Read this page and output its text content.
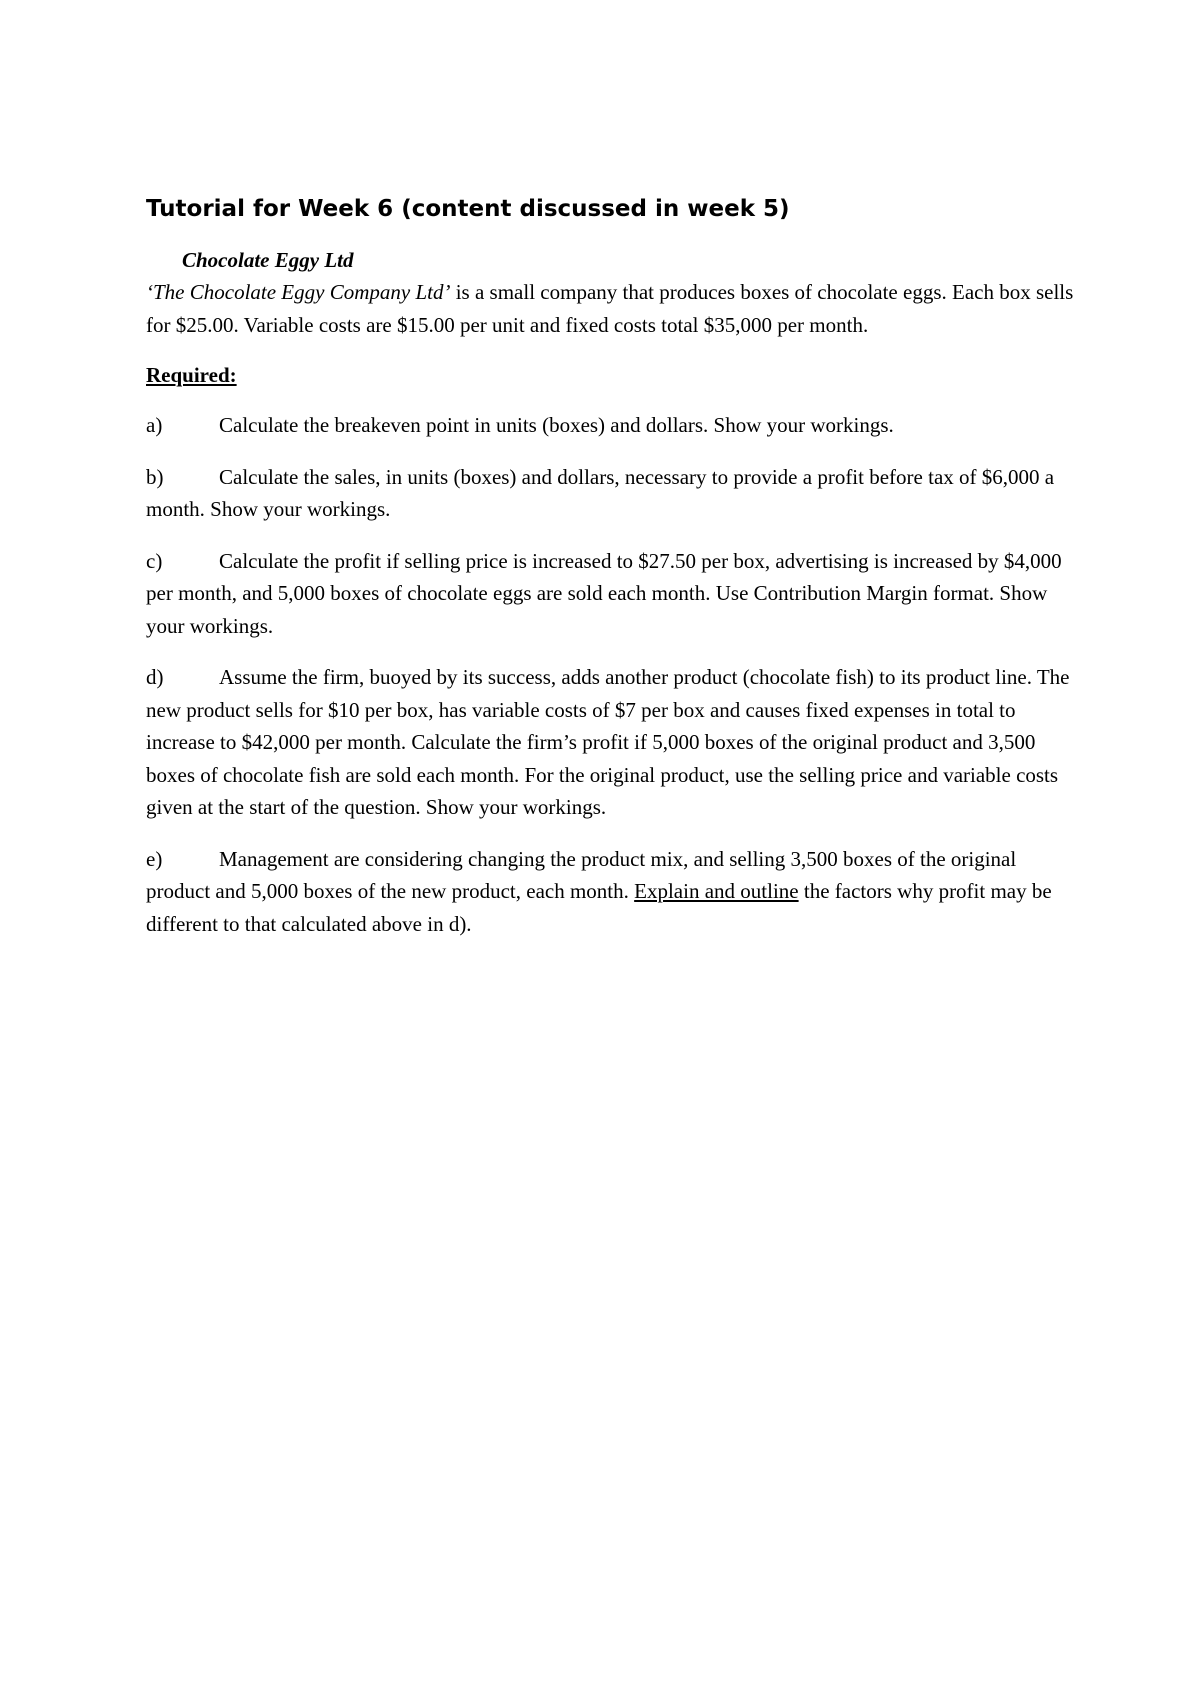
Tutorial for Week 6 (content discussed in week 5)
Chocolate Eggy Ltd

‘The Chocolate Eggy Company Ltd’ is a small company that produces boxes of chocolate eggs. Each box sells for $25.00. Variable costs are $15.00 per unit and fixed costs total $35,000 per month.

Required:

a)	Calculate the breakeven point in units (boxes) and dollars. Show your workings.

b)	Calculate the sales, in units (boxes) and dollars, necessary to provide a profit before tax of $6,000 a month. Show your workings.

c)	Calculate the profit if selling price is increased to $27.50 per box, advertising is increased by $4,000 per month, and 5,000 boxes of chocolate eggs are sold each month. Use Contribution Margin format. Show your workings.

d)	Assume the firm, buoyed by its success, adds another product (chocolate fish) to its product line. The new product sells for $10 per box, has variable costs of $7 per box and causes fixed expenses in total to increase to $42,000 per month. Calculate the firm’s profit if 5,000 boxes of the original product and 3,500 boxes of chocolate fish are sold each month. For the original product, use the selling price and variable costs given at the start of the question. Show your workings.

e)	Management are considering changing the product mix, and selling 3,500 boxes of the original product and 5,000 boxes of the new product, each month. Explain and outline the factors why profit may be different to that calculated above in d).
